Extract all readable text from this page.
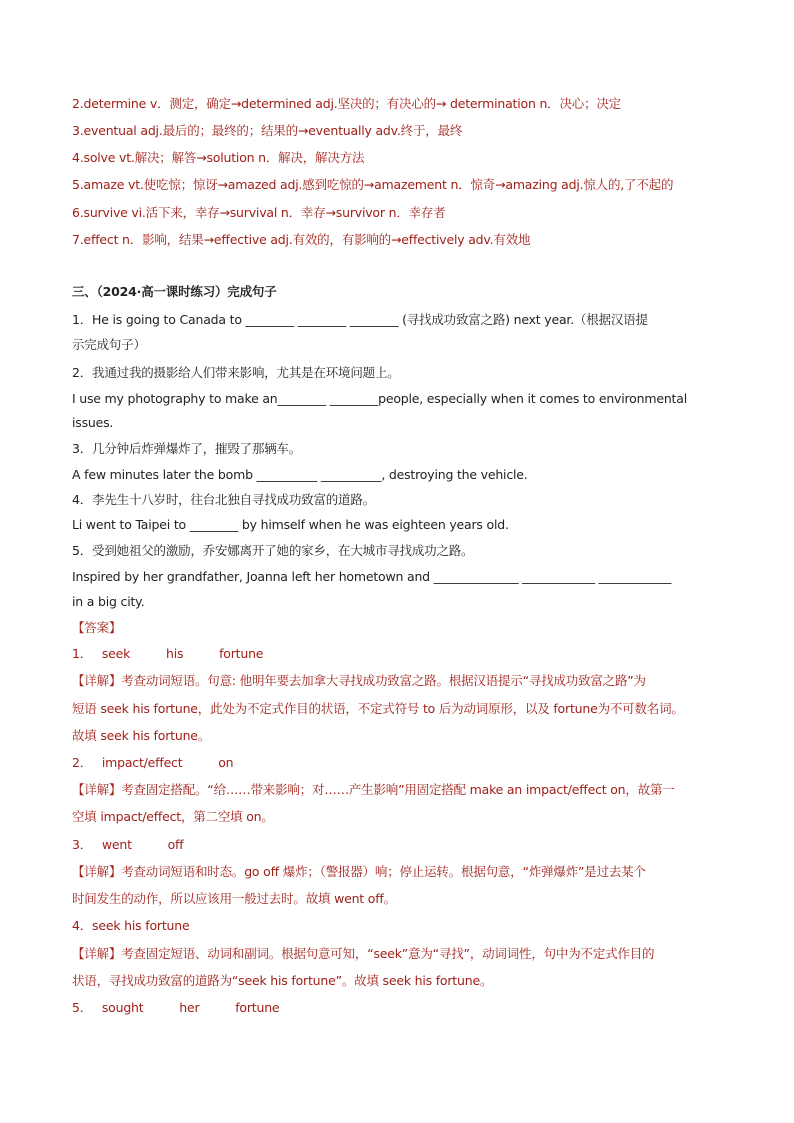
2.determine v．测定，确定→determined adj.坚决的；有决心的→ determination n．决心；决定
3.eventual adj.最后的；最终的；结果的→eventually adv.终于，最终
4.solve vt.解决；解答→solution n．解决，解决方法
5.amaze vt.使吃惊；惊讶→amazed adj.感到吃惊的→amazement n．惊奇→amazing adj.惊人的,了不起的
6.survive vi.活下来，幸存→survival n．幸存→survivor n．幸存者
7.effect n．影响，结果→effective adj.有效的，有影响的→effectively adv.有效地
三、（2024·高一课时练习）完成句子
1．He is going to Canada to ________ ________ ________ (寻找成功致富之路) next year.（根据汉语提
示完成句子）
2．我通过我的摄影给人们带来影响，尤其是在环境问题上。
I use my photography to make an________ ________people, especially when it comes to environmental
issues.
3．几分钟后炸弹爆炸了，摧毁了那辆车。
A few minutes later the bomb __________ __________, destroying the vehicle.
4．李先生十八岁时，往台北独自寻找成功致富的道路。
Li went to Taipei to ________ by himself when he was eighteen years old.
5．受到她祖父的激励，乔安娜离开了她的家乡，在大城市寻找成功之路。
Inspired by her grandfather, Joanna left her hometown and ______________ ____________ ____________
in a big city.
【答案】
1． seek	his	fortune
【详解】考查动词短语。句意: 他明年要去加拿大寻找成功致富之路。根据汉语提示“寻找成功致富之路”为
短语 seek his fortune，此处为不定式作目的状语，不定式符号 to 后为动词原形，以及 fortune为不可数名词。
故填 seek his fortune。
2． impact/effect	on
【详解】考查固定搭配。“给……带来影响；对……产生影响”用固定搭配 make an impact/effect on，故第一
空填 impact/effect，第二空填 on。
3． went	off
【详解】考查动词短语和时态。go off 爆炸；（警报器）响；停止运转。根据句意，“炸弹爆炸”是过去某个
时间发生的动作，所以应该用一般过去时。故填 went off。
4．seek his fortune
【详解】考查固定短语、动词和副词。根据句意可知，“seek”意为“寻找”，动词词性，句中为不定式作目的
状语，寻找成功致富的道路为“seek his fortune”。故填 seek his fortune。
5． sought	her	fortune
